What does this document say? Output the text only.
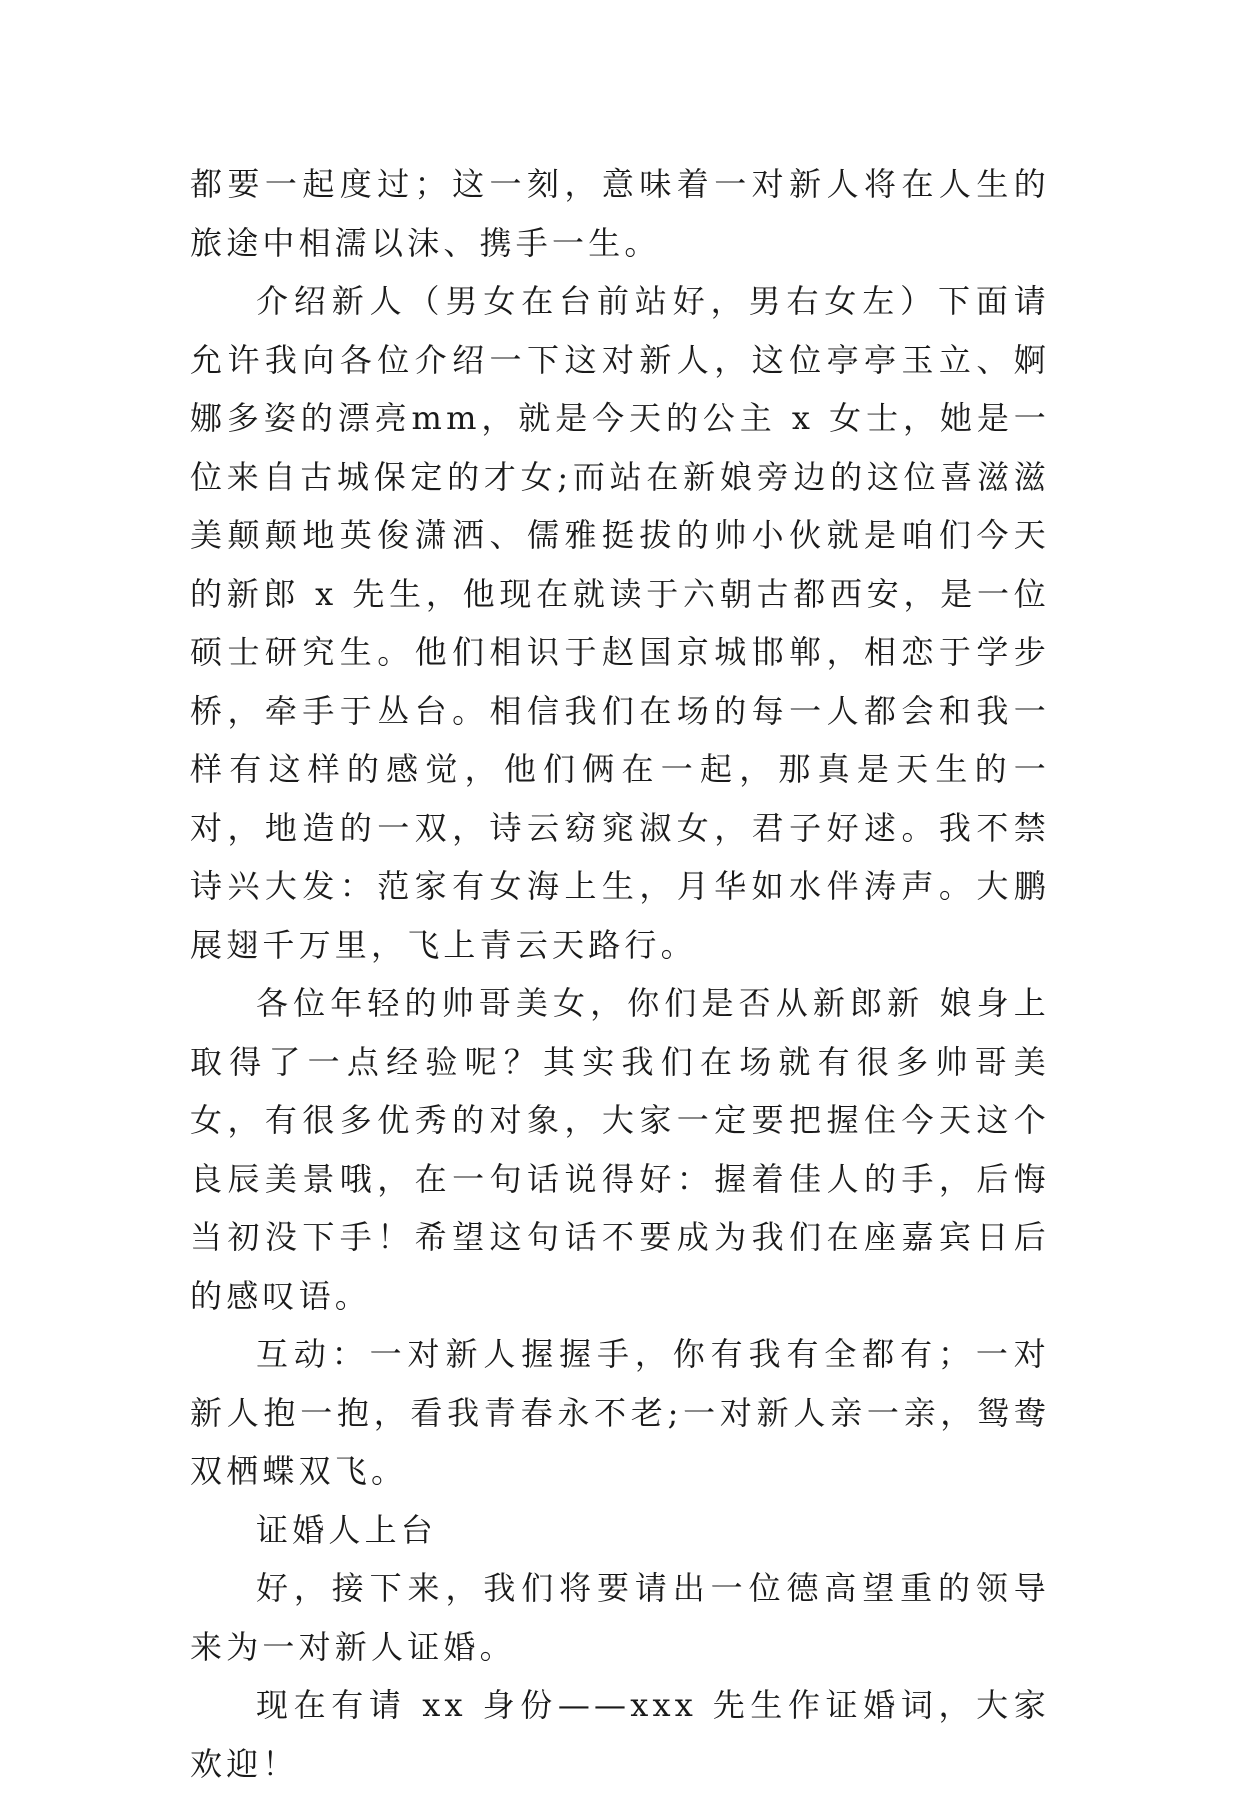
都要一起度过；这一刻，意味着一对新人将在人生的旅途中相濡以沫、携手一生。

介绍新人（男女在台前站好，男右女左）下面请允许我向各位介绍一下这对新人，这位亭亭玉立、婀娜多姿的漂亮mm，就是今天的公主 x 女士，她是一位来自古城保定的才女;而站在新娘旁边的这位喜滋滋美颠颠地英俊潇洒、儒雅挺拔的帅小伙就是咱们今天的新郎 x 先生，他现在就读于六朝古都西安，是一位硕士研究生。他们相识于赵国京城邯郸，相恋于学步桥，牵手于丛台。相信我们在场的每一人都会和我一样有这样的感觉，他们俩在一起，那真是天生的一对，地造的一双，诗云窈窕淑女，君子好逑。我不禁诗兴大发：范家有女海上生，月华如水伴涛声。大鹏展翅千万里，飞上青云天路行。

各位年轻的帅哥美女，你们是否从新郎新 娘身上取得了一点经验呢？其实我们在场就有很多帅哥美女，有很多优秀的对象，大家一定要把握住今天这个良辰美景哦，在一句话说得好：握着佳人的手，后悔当初没下手！希望这句话不要成为我们在座嘉宾日后的感叹语。

互动：一对新人握握手，你有我有全都有；一对新人抱一抱，看我青春永不老;一对新人亲一亲，鸳鸯双栖蝶双飞。

证婚人上台

好，接下来，我们将要请出一位德高望重的领导来为一对新人证婚。

现在有请 xx 身份——xxx 先生作证婚词，大家欢迎！
